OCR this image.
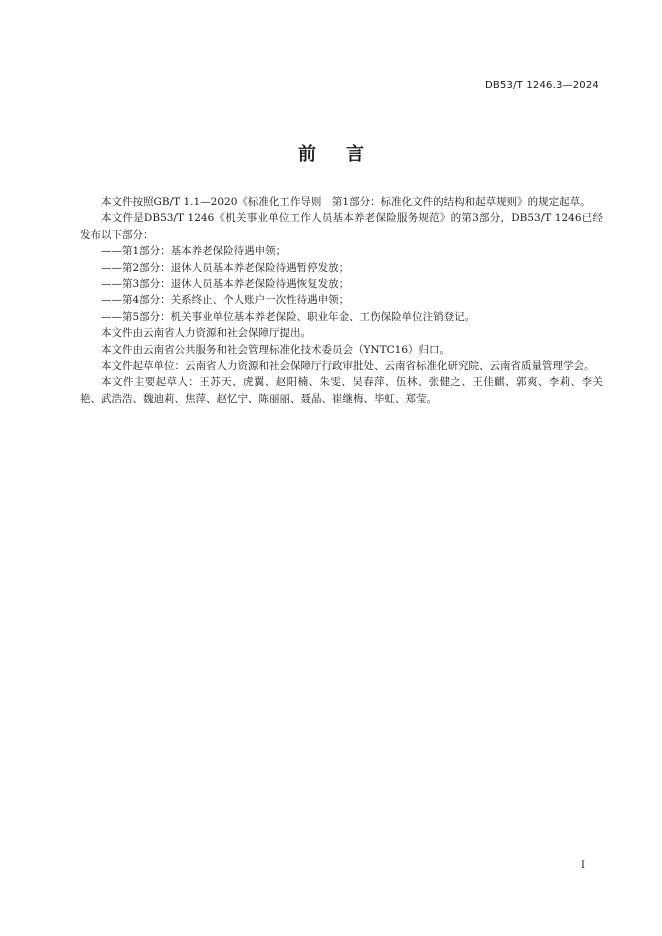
DB53/T 1246.3—2024
前言

本文件按照GB/T 1.1—2020《标准化工作导则　第1部分：标准化文件的结构和起草规则》的规定起草。

本文件是DB53/T 1246《机关事业单位工作人员基本养老保险服务规范》的第3部分，DB53/T 1246已经发布以下部分：

——第1部分：基本养老保险待遇申领；

——第2部分：退休人员基本养老保险待遇暂停发放；

——第3部分：退休人员基本养老保险待遇恢复发放；

——第4部分：关系终止、个人账户一次性待遇申领；

——第5部分：机关事业单位基本养老保险、职业年金、工伤保险单位注销登记。

本文件由云南省人力资源和社会保障厅提出。

本文件由云南省公共服务和社会管理标准化技术委员会（YNTC16）归口。

本文件起草单位：云南省人力资源和社会保障厅行政审批处、云南省标准化研究院、云南省质量管理学会。

本文件主要起草人：王苏天、虎翼、赵阳楠、朱雯、吴春萍、伍林、张健之、王佳麒、郭爽、李莉、李关艳、武浩浩、魏迪莉、焦萍、赵忆宁、陈丽丽、聂晶、崔继梅、毕虹、郑莹。

I
